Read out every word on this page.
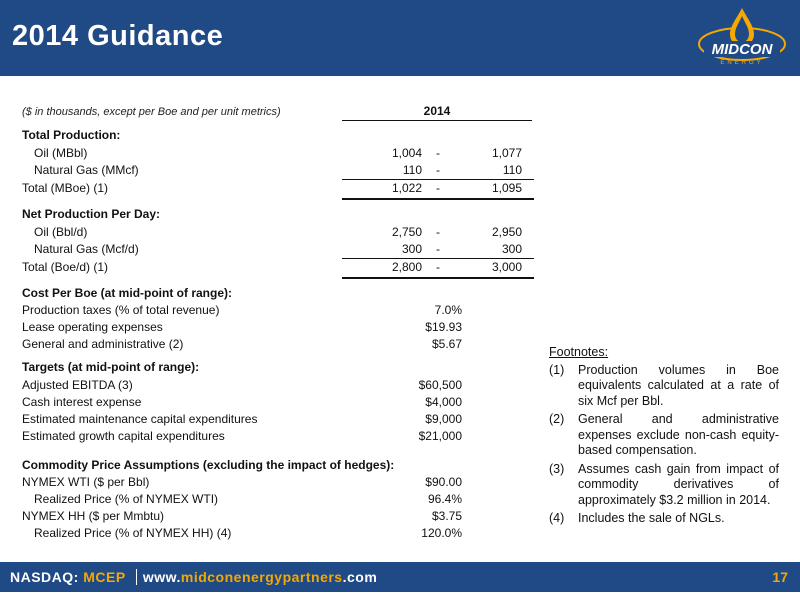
2014 Guidance	MIDCON
ENERGY
($ in thousands, except per Boe and per unit metrics)	2014
Total Production:
Oil (MBbl)	1,004	-	1,077
Natural Gas (MMcf)	110	-	110
Total (MBoe) (1)	1,022	-	1,095
Net Production Per Day:
Oil (Bbl/d)	2,750	-	2,950
Natural Gas (Mcf/d)	300	-	300
Total (Boe/d) (1)	2,800	-	3,000
Cost Per Boe (at mid-point of range):
Production taxes (% of total revenue)	7.0%
Lease operating expenses	$19.93
General and administrative (2)	$5.67
Targets (at mid-point of range):
Adjusted EBITDA (3)	$60,500
Cash interest expense	$4,000
Estimated maintenance capital expenditures	$9,000
Estimated growth capital expenditures	$21,000
Commodity Price Assumptions (excluding the impact of hedges):
NYMEX WTI ($ per Bbl)	$90.00
Realized Price (% of NYMEX WTI)	96.4%
NYMEX HH ($ per Mmbtu)	$3.75
Realized Price (% of NYMEX HH) (4)	120.0%
Footnotes:
(1)	Production volumes in Boe equivalents calculated at a rate of six Mcf per Bbl.
(2)	General and administrative expenses exclude non-cash equity-based compensation.
(3)	Assumes cash gain from impact of commodity derivatives of approximately $3.2 million in 2014.
(4)	Includes the sale of NGLs.
NASDAQ: MCEP www.midconenergypartners.com	17
